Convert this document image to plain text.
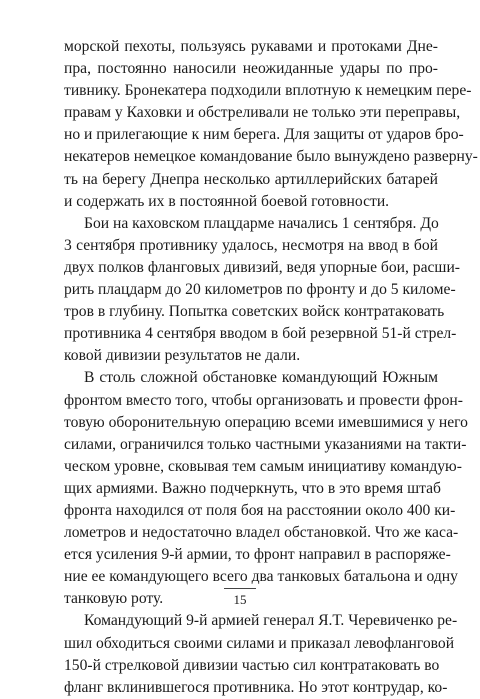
морской пехоты, пользуясь рукавами и протоками Дне-
пра, постоянно наносили неожиданные удары по про-
тивнику. Бронекатера подходили вплотную к немецким пере-
правам у Каховки и обстреливали не только эти переправы,
но и прилегающие к ним берега. Для защиты от ударов бро-
некатеров немецкое командование было вынуждено разверну-
ть на берегу Днепра несколько артиллерийских батарей
и содержать их в постоянной боевой готовности.
Бои на каховском плацдарме начались 1 сентября. До
3 сентября противнику удалось, несмотря на ввод в бой
двух полков фланговых дивизий, ведя упорные бои, расши-
рить плацдарм до 20 километров по фронту и до 5 киломе-
тров в глубину. Попытка советских войск контратаковать
противника 4 сентября вводом в бой резервной 51-й стрел-
ковой дивизии результатов не дали.
В столь сложной обстановке командующий Южным
фронтом вместо того, чтобы организовать и провести фрон-
товую оборонительную операцию всеми имевшимися у него
силами, ограничился только частными указаниями на такти-
ческом уровне, сковывая тем самым инициативу командую-
щих армиями. Важно подчеркнуть, что в это время штаб
фронта находился от поля боя на расстоянии около 400 ки-
лометров и недостаточно владел обстановкой. Что же каса-
ется усиления 9-й армии, то фронт направил в распоряже-
ние ее командующего всего два танковых батальона и одну
танковую роту.
Командующий 9-й армией генерал Я.Т. Черевиченко ре-
шил обходиться своими силами и приказал левофланговой
150-й стрелковой дивизии частью сил контратаковать во
фланг вклинившегося противника. Но этот контрудар, ко-
15
